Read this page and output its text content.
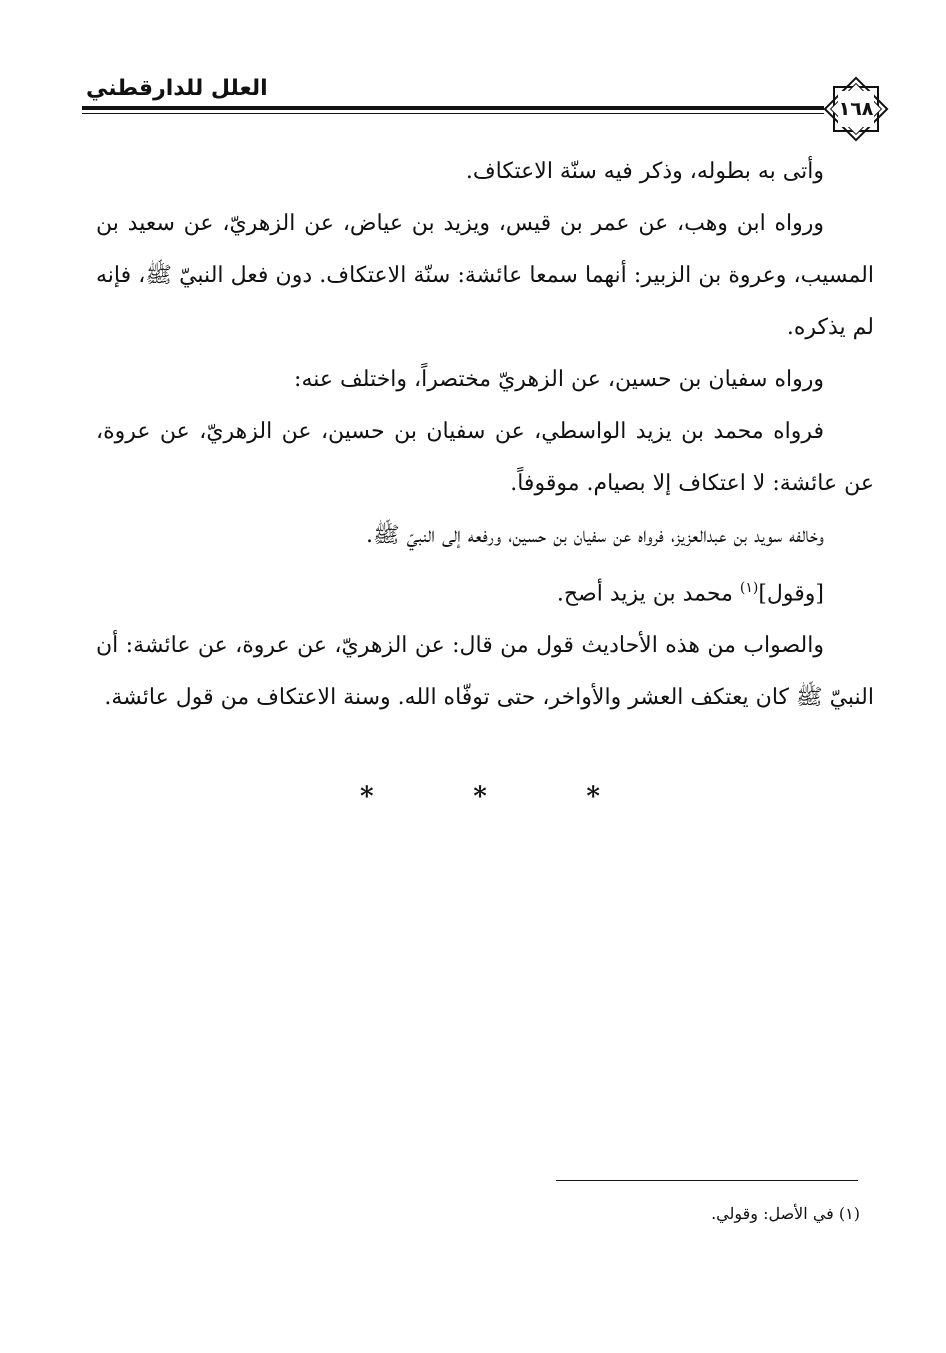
١٦٨
العلل للدارقطني

وأتى به بطوله، وذكر فيه سنّة الاعتكاف.

ورواه ابن وهب، عن عمر بن قيس، ويزيد بن عياض، عن الزهريّ، عن سعيد بن المسيب، وعروة بن الزبير: أنهما سمعا عائشة: سنّة الاعتكاف. دون فعل النبيّ ﷺ، فإنه لم يذكره.

ورواه سفيان بن حسين، عن الزهريّ مختصراً، واختلف عنه:

فرواه محمد بن يزيد الواسطي، عن سفيان بن حسين، عن الزهريّ، عن عروة، عن عائشة: لا اعتكاف إلا بصيام. موقوفاً.

وخالفه سويد بن عبدالعزيز، فرواه عن سفيان بن حسين، ورفعه إلى النبيّ ﷺ.

[وقول]$^{(١)}$ محمد بن يزيد أصح.

والصواب من هذه الأحاديث قول من قال: عن الزهريّ، عن عروة، عن عائشة: أن النبيّ ﷺ كان يعتكف العشر والأواخر، حتى توفّاه الله. وسنة الاعتكاف من قول عائشة.

*	*	*
(١) في الأصل: وقولي.
